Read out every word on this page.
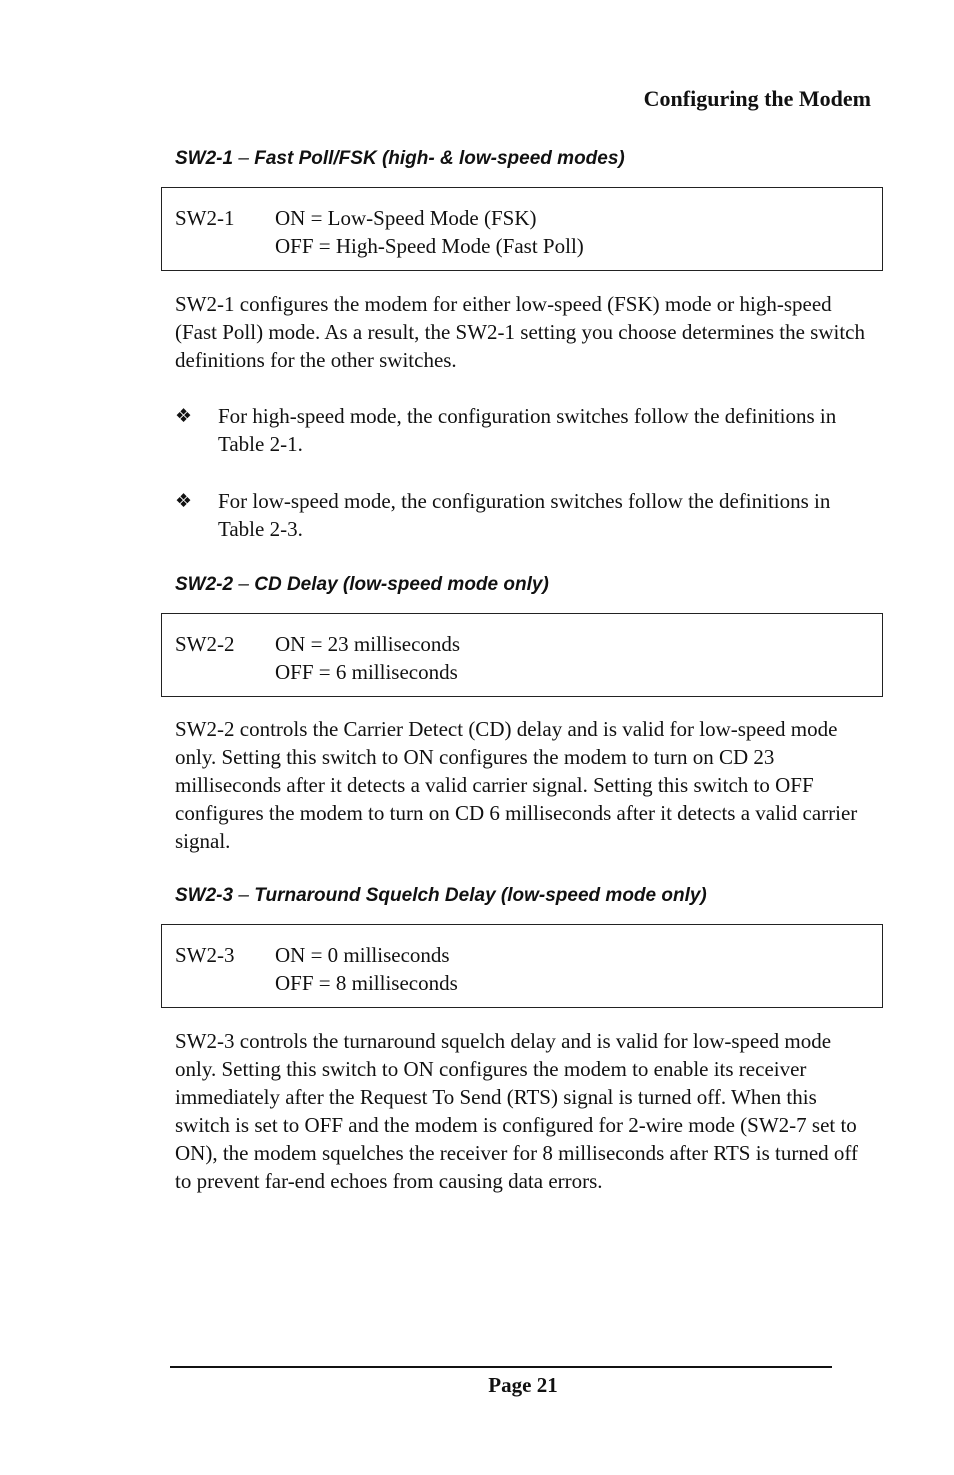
Configuring the Modem
SW2-1 – Fast Poll/FSK (high- & low-speed modes)
SW2-1 ON = Low-Speed Mode (FSK)
OFF = High-Speed Mode (Fast Poll)

SW2-1 configures the modem for either low-speed (FSK) mode or high-speed (Fast Poll) mode. As a result, the SW2-1 setting you choose determines the switch definitions for the other switches.

❖ For high-speed mode, the configuration switches follow the definitions in Table 2-1.
❖ For low-speed mode, the configuration switches follow the definitions in Table 2-3.
SW2-2 – CD Delay (low-speed mode only)
SW2-2 ON = 23 milliseconds
OFF = 6 milliseconds

SW2-2 controls the Carrier Detect (CD) delay and is valid for low-speed mode only. Setting this switch to ON configures the modem to turn on CD 23 milliseconds after it detects a valid carrier signal. Setting this switch to OFF configures the modem to turn on CD 6 milliseconds after it detects a valid carrier signal.

SW2-3 – Turnaround Squelch Delay (low-speed mode only)
SW2-3 ON = 0 milliseconds
OFF = 8 milliseconds

SW2-3 controls the turnaround squelch delay and is valid for low-speed mode only. Setting this switch to ON configures the modem to enable its receiver immediately after the Request To Send (RTS) signal is turned off. When this switch is set to OFF and the modem is configured for 2-wire mode (SW2-7 set to ON), the modem squelches the receiver for 8 milliseconds after RTS is turned off to prevent far-end echoes from causing data errors.

Page 21
